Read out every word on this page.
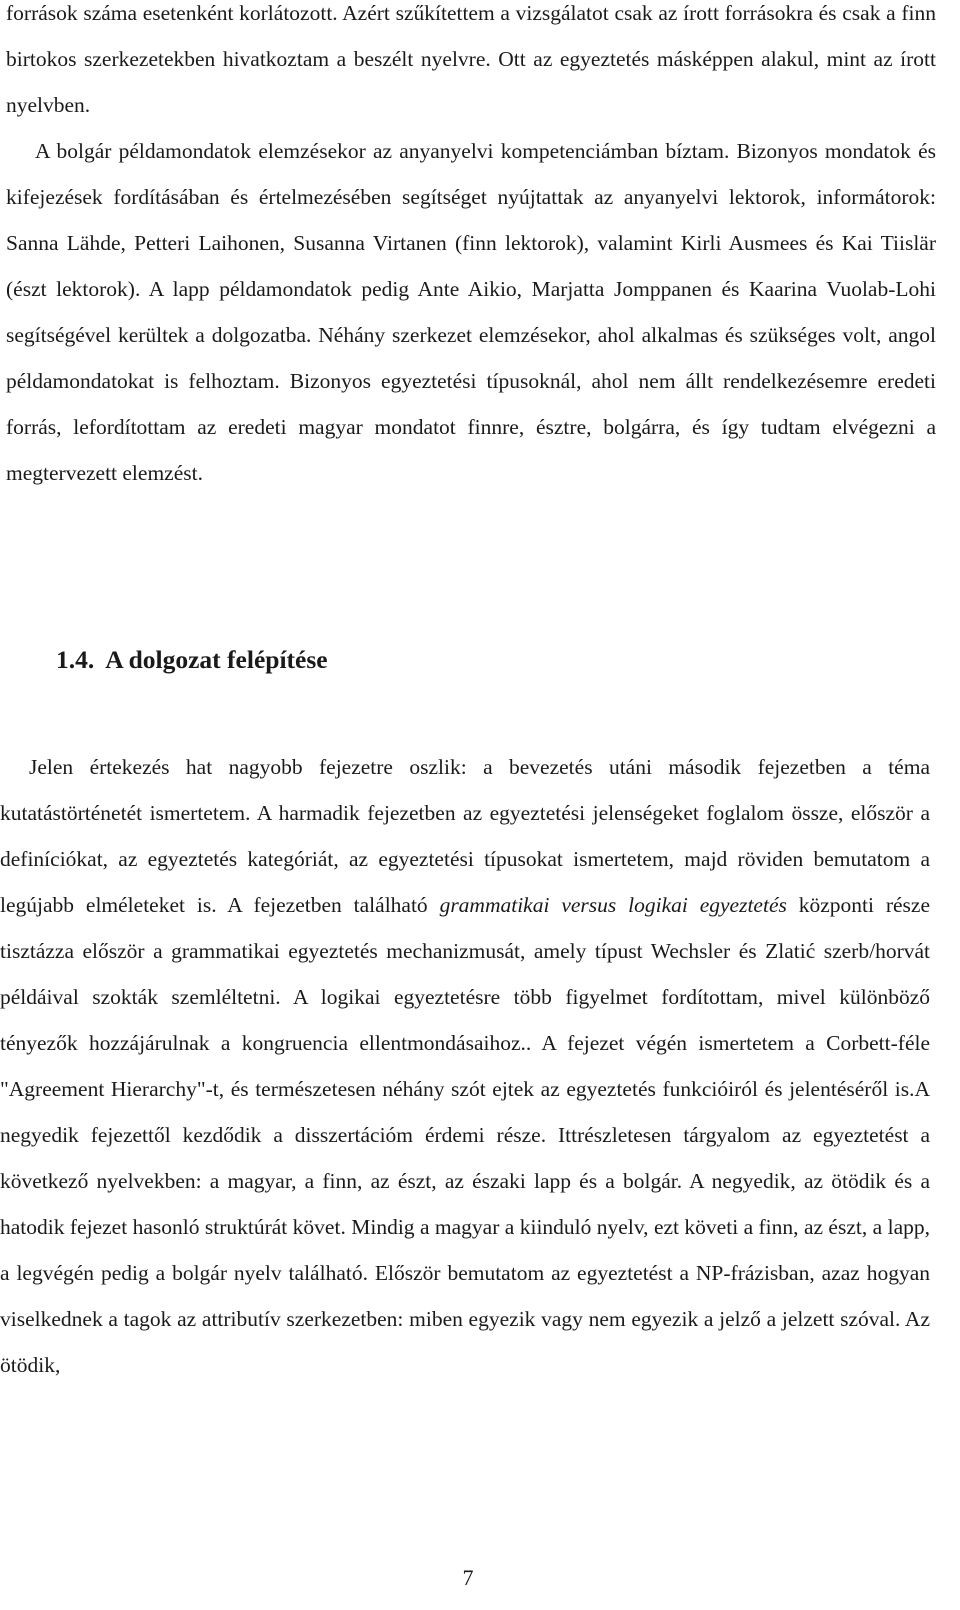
források száma esetenként korlátozott. Azért szűkítettem a vizsgálatot csak az írott forrásokra és csak a finn birtokos szerkezetekben hivatkoztam a beszélt nyelvre. Ott az egyeztetés másképpen alakul, mint az írott nyelvben.

A bolgár példamondatok elemzésekor az anyanyelvi kompetenciámban bíztam. Bizonyos mondatok és kifejezések fordításában és értelmezésében segítséget nyújtattak az anyanyelvi lektorok, informátorok: Sanna Lähde, Petteri Laihonen, Susanna Virtanen (finn lektorok), valamint Kirli Ausmees és Kai Tiislär (észt lektorok). A lapp példamondatok pedig Ante Aikio, Marjatta Jomppanen és Kaarina Vuolab-Lohi segítségével kerültek a dolgozatba. Néhány szerkezet elemzésekor, ahol alkalmas és szükséges volt, angol példamondatokat is felhoztam. Bizonyos egyeztetési típusoknál, ahol nem állt rendelkezésemre eredeti forrás, lefordítottam az eredeti magyar mondatot finnre, észtre, bolgárra, és így tudtam elvégezni a megtervezett elemzést.

1.4. A dolgozat felépítése

Jelen értekezés hat nagyobb fejezetre oszlik: a bevezetés utáni második fejezetben a téma kutatástörténetét ismertetem. A harmadik fejezetben az egyeztetési jelenségeket foglalom össze, először a definíciókat, az egyeztetés kategóriát, az egyeztetési típusokat ismertetem, majd röviden bemutatom a legújabb elméleteket is. A fejezetben található grammatikai versus logikai egyeztetés központi része tisztázza először a grammatikai egyeztetés mechanizmusát, amely típust Wechsler és Zlatić szerb/horvát példáival szokták szemléltetni. A logikai egyeztetésre több figyelmet fordítottam, mivel különböző tényezők hozzájárulnak a kongruencia ellentmondásaihoz.. A fejezet végén ismertetem a Corbett-féle "Agreement Hierarchy"-t, és természetesen néhány szót ejtek az egyeztetés funkcióiról és jelentéséről is.A negyedik fejezettől kezdődik a disszertációm érdemi része. Ittrészletesen tárgyalom az egyeztetést a következő nyelvekben: a magyar, a finn, az észt, az északi lapp és a bolgár. A negyedik, az ötödik és a hatodik fejezet hasonló struktúrát követ. Mindig a magyar a kiinduló nyelv, ezt követi a finn, az észt, a lapp, a legvégén pedig a bolgár nyelv található. Először bemutatom az egyeztetést a NP-frázisban, azaz hogyan viselkednek a tagok az attributív szerkezetben: miben egyezik vagy nem egyezik a jelző a jelzett szóval. Az ötödik,

7
